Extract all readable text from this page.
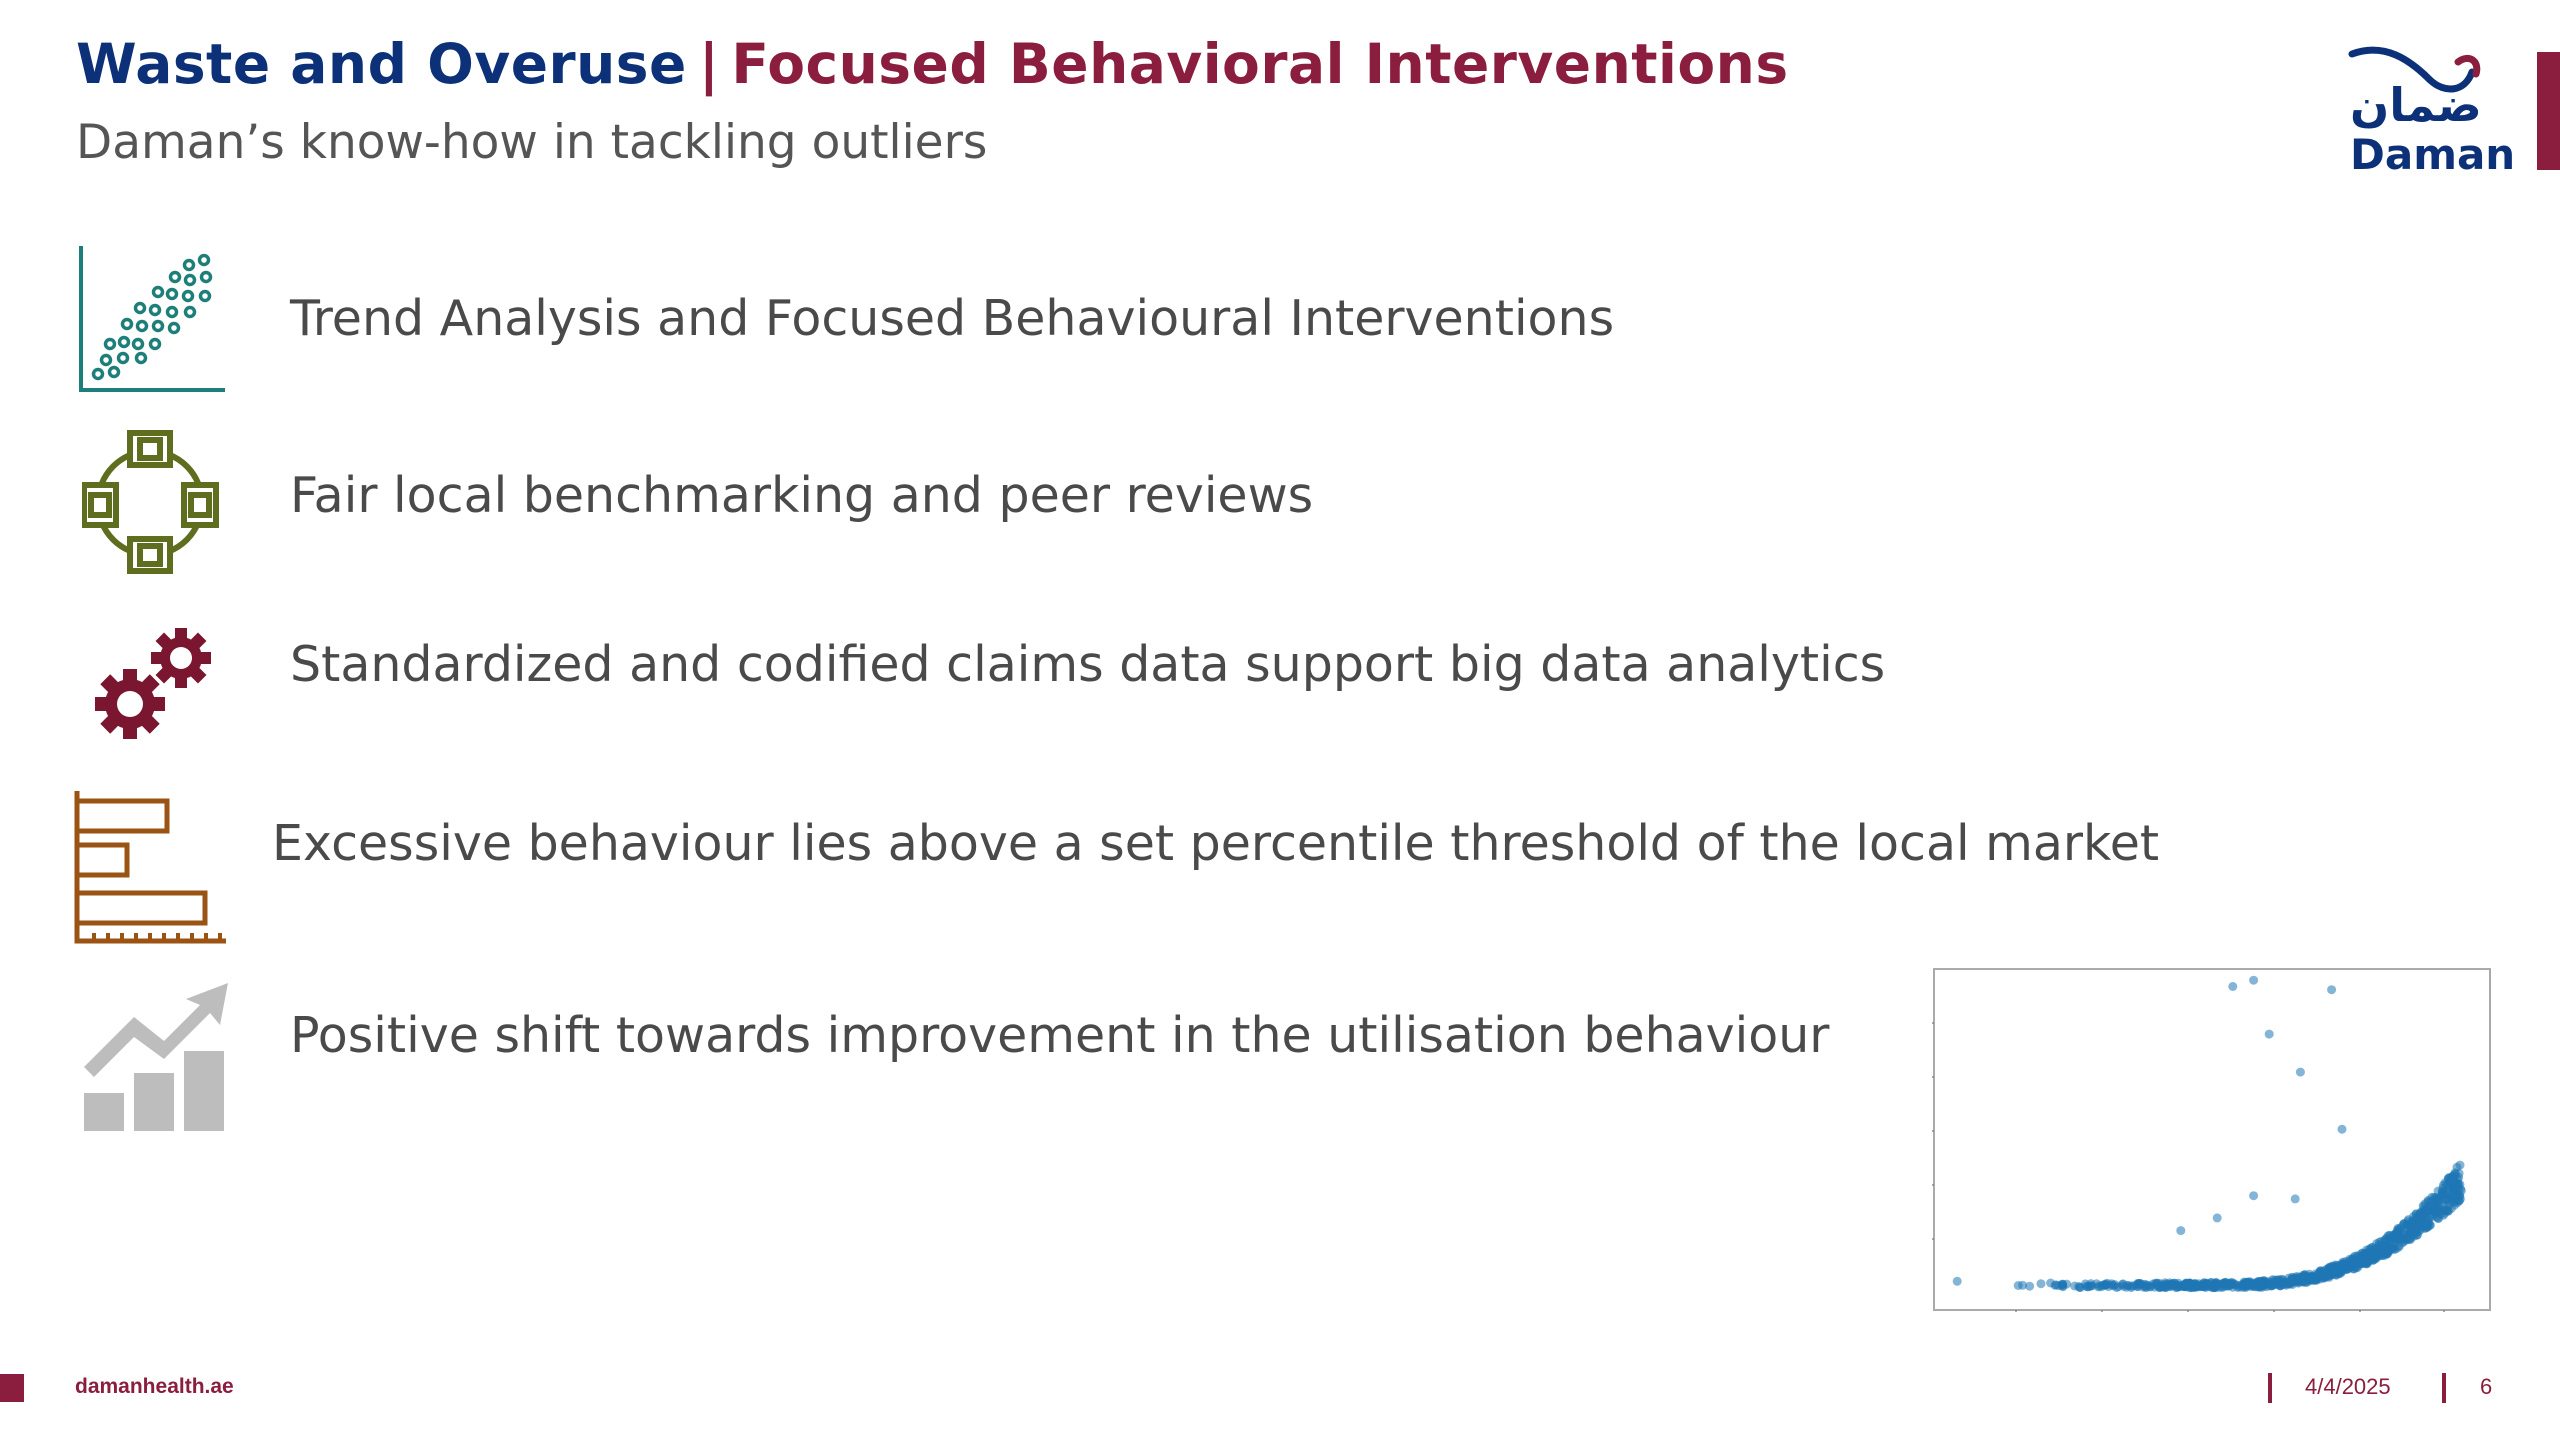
Waste and Overuse | Focused Behavioral Interventions
Daman’s know-how in tackling outliers
ضمان
Daman
Trend Analysis and Focused Behavioural Interventions
Fair local benchmarking and peer reviews
Standardized and codified claims data support big data analytics
Excessive behaviour lies above a set percentile threshold of the local market
Positive shift towards improvement in the utilisation behaviour
damanhealth.ae	4/4/2025	6
